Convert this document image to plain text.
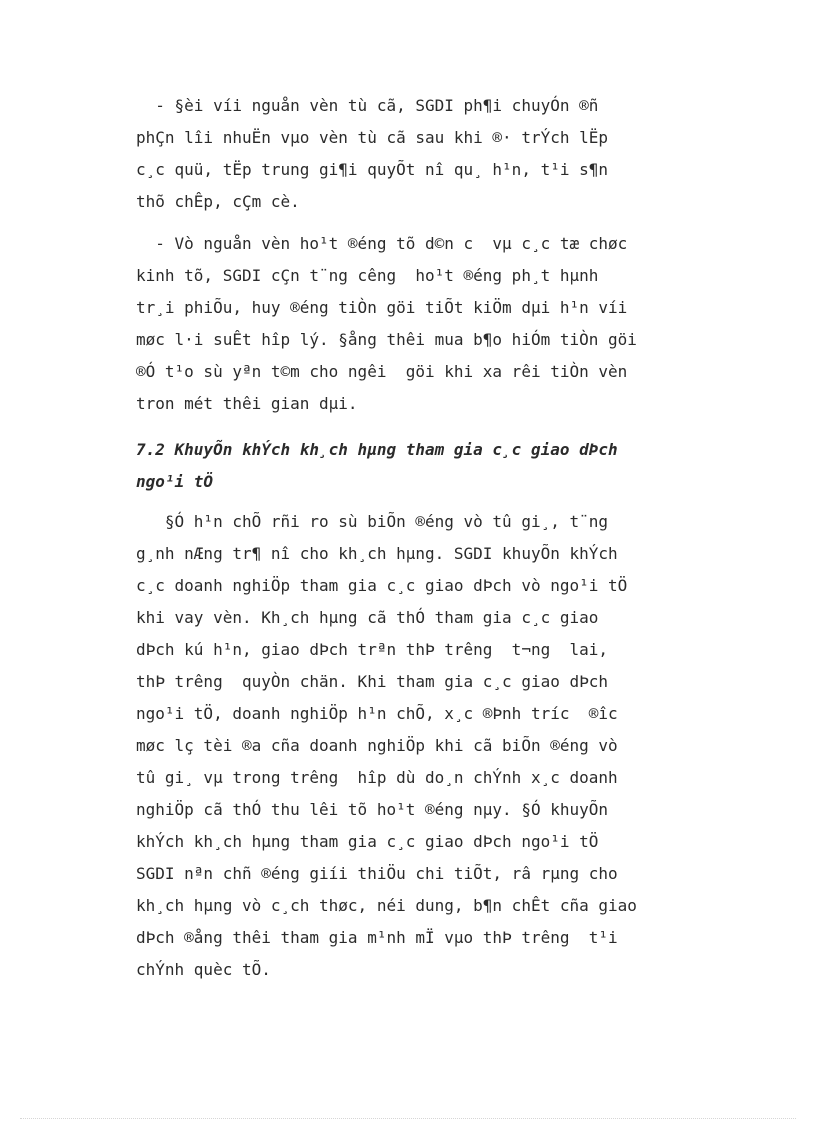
- §èi víi nguån vèn tù cã, SGDI ph¶i chuyÓn ®ñ
phÇn lîi nhuËn vµo vèn tù cã sau khi ®· trÝch lËp
c¸c quü, tËp trung gi¶i quyÕt nî qu¸ h¹n, t¹i s¶n
thõ chÊp, cÇm cè.
- Vò nguån vèn ho¹t ®éng tõ d©n c  vµ c¸c tæ chøc
kinh tõ, SGDI cÇn t¨ng cêng  ho¹t ®éng ph¸t hµnh
tr¸i phiÕu, huy ®éng tiÒn göi tiÕt kiÖm dµi h¹n víi
møc l·i suÊt hîp lý. §ång thêi mua b¶o hiÓm tiÒn göi
®Ó t¹o sù yªn t©m cho ngêi  göi khi xa rêi tiÒn vèn
tron mét thêi gian dµi.
7.2 KhuyÕn khÝch kh¸ch hµng tham gia c¸c giao dÞch
ngo¹i tÖ
§Ó h¹n chÕ rñi ro sù biÕn ®éng vò tû gi¸, t¨ng
g¸nh nÆng tr¶ nî cho kh¸ch hµng. SGDI khuyÕn khÝch
c¸c doanh nghiÖp tham gia c¸c giao dÞch vò ngo¹i tÖ
khi vay vèn. Kh¸ch hµng cã thÓ tham gia c¸c giao
dÞch kú h¹n, giao dÞch trªn thÞ trêng  t¬ng  lai,
thÞ trêng  quyÒn chän. Khi tham gia c¸c giao dÞch
ngo¹i tÖ, doanh nghiÖp h¹n chÕ, x¸c ®Þnh tríc  ®îc
møc lç tèi ®a cña doanh nghiÖp khi cã biÕn ®éng vò
tû gi¸ vµ trong trêng  hîp dù do¸n chÝnh x¸c doanh
nghiÖp cã thÓ thu lêi tõ ho¹t ®éng nµy. §Ó khuyÕn
khÝch kh¸ch hµng tham gia c¸c giao dÞch ngo¹i tÖ
SGDI nªn chñ ®éng giíi thiÖu chi tiÕt, râ rµng cho
kh¸ch hµng vò c¸ch thøc, néi dung, b¶n chÊt cña giao
dÞch ®ång thêi tham gia m¹nh mÏ vµo thÞ trêng  t¹i
chÝnh quèc tÕ.
